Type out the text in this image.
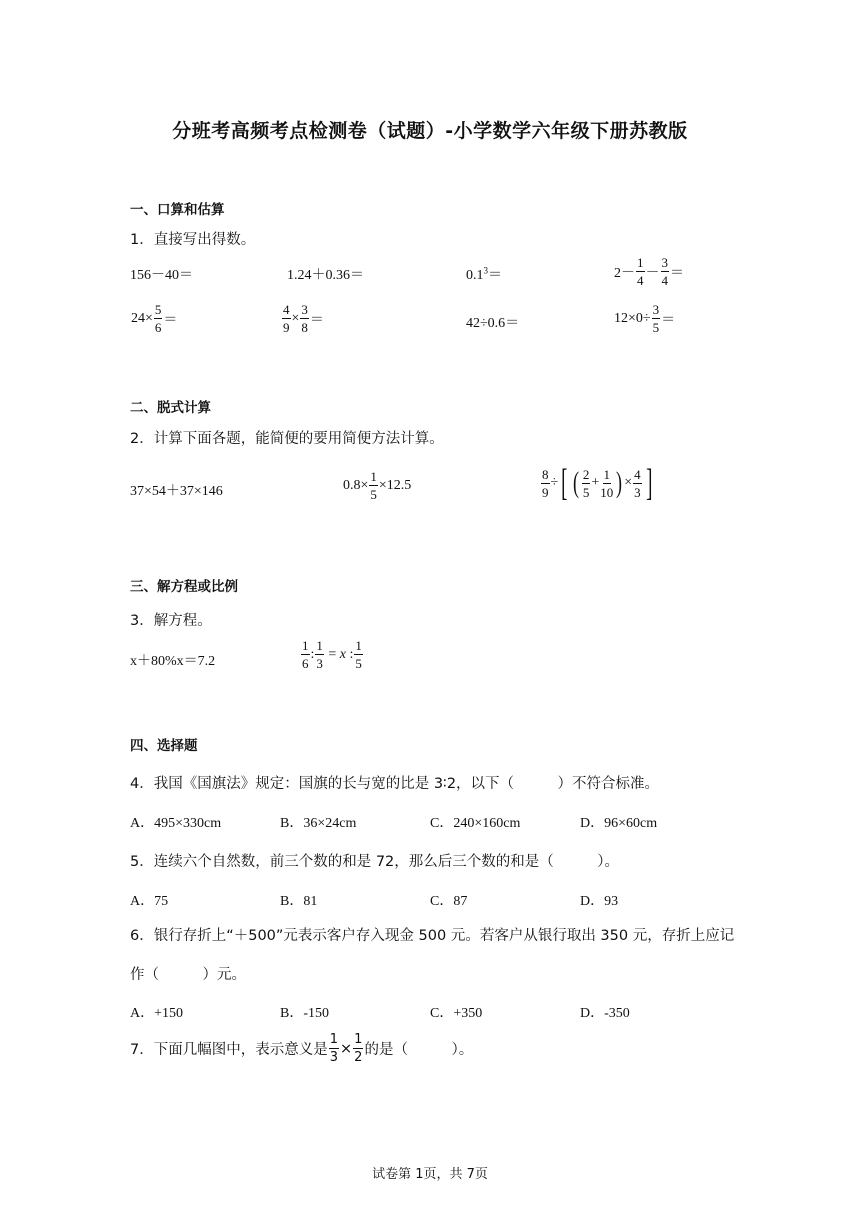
分班考高频考点检测卷（试题）-小学数学六年级下册苏教版
一、口算和估算
1．直接写出得数。
156－40＝	1.24＋0.36＝	$0.1^3=$	$2- \frac{1}{4} - \frac{3}{4}$ ＝
$24\times \frac{5}{6}$ ＝	$\frac{4}{9} \times \frac{3}{8}$ ＝	42÷0.6＝	$12\times 0\div \frac{3}{5}$ ＝
二、脱式计算
2．计算下面各题，能简便的要用简便方法计算。
37×54＋37×146	$0.8\times \frac{1}{5} \times 12.5$	$\frac{8}{9}$ ÷ [ ( $\frac{2}{5} + \frac{1}{10}$ ) × $\frac{4}{3}$ ]
三、解方程或比例
3．解方程。
x＋80%x＝7.2	$\frac{1}{6}$ : $\frac{1}{3} = x$ : $\frac{1}{5}$
四、选择题
4．我国《国旗法》规定：国旗的长与宽的比是 3∶2，以下（　　　）不符合标准。
A．495×330cm	B．36×24cm	C．240×160cm	D．96×60cm
5．连续六个自然数，前三个数的和是 72，那么后三个数的和是（　　　）。
A．75	B．81	C．87	D．93
6．银行存折上“＋500”元表示客户存入现金 500 元。若客户从银行取出 350 元，存折上应记
作（　　　）元。
A．+150	B．-150	C．+350	D．-350
7．下面几幅图中，表示意义是 $\frac{1}{3} \times \frac{1}{2}$ 的是（　　　）。
试卷第 1页，共 7页
